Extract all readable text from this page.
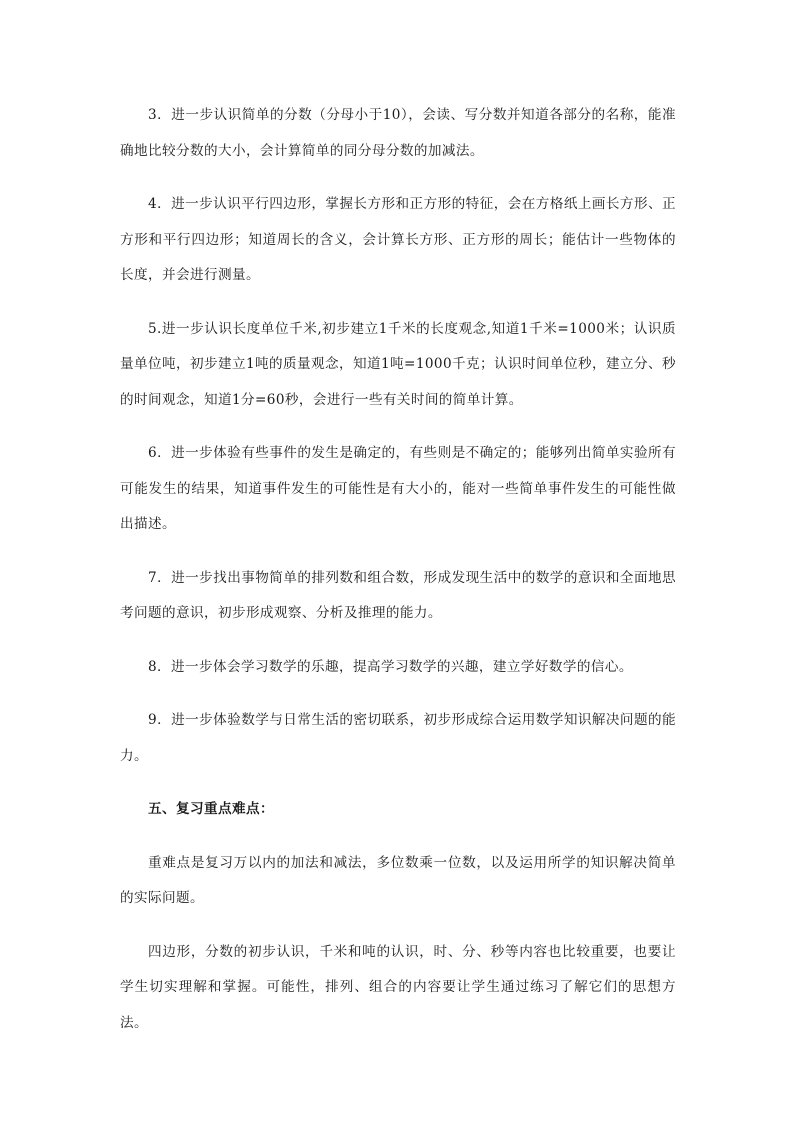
3．进一步认识简单的分数（分母小于10），会读、写分数并知道各部分的名称，能准确地比较分数的大小，会计算简单的同分母分数的加减法。

4．进一步认识平行四边形，掌握长方形和正方形的特征，会在方格纸上画长方形、正方形和平行四边形；知道周长的含义，会计算长方形、正方形的周长；能估计一些物体的长度，并会进行测量。

5.进一步认识长度单位千米,初步建立1千米的长度观念,知道1千米=1000米；认识质量单位吨，初步建立1吨的质量观念，知道1吨=1000千克；认识时间单位秒，建立分、秒的时间观念，知道1分=60秒，会进行一些有关时间的简单计算。

6．进一步体验有些事件的发生是确定的，有些则是不确定的；能够列出简单实验所有可能发生的结果，知道事件发生的可能性是有大小的，能对一些简单事件发生的可能性做出描述。

7．进一步找出事物简单的排列数和组合数，形成发现生活中的数学的意识和全面地思考问题的意识，初步形成观察、分析及推理的能力。

8．进一步体会学习数学的乐趣，提高学习数学的兴趣，建立学好数学的信心。

9．进一步体验数学与日常生活的密切联系，初步形成综合运用数学知识解决问题的能力。

五、复习重点难点：

重难点是复习万以内的加法和减法，多位数乘一位数，以及运用所学的知识解决简单的实际问题。

四边形，分数的初步认识，千米和吨的认识，时、分、秒等内容也比较重要，也要让学生切实理解和掌握。可能性，排列、组合的内容要让学生通过练习了解它们的思想方法。
